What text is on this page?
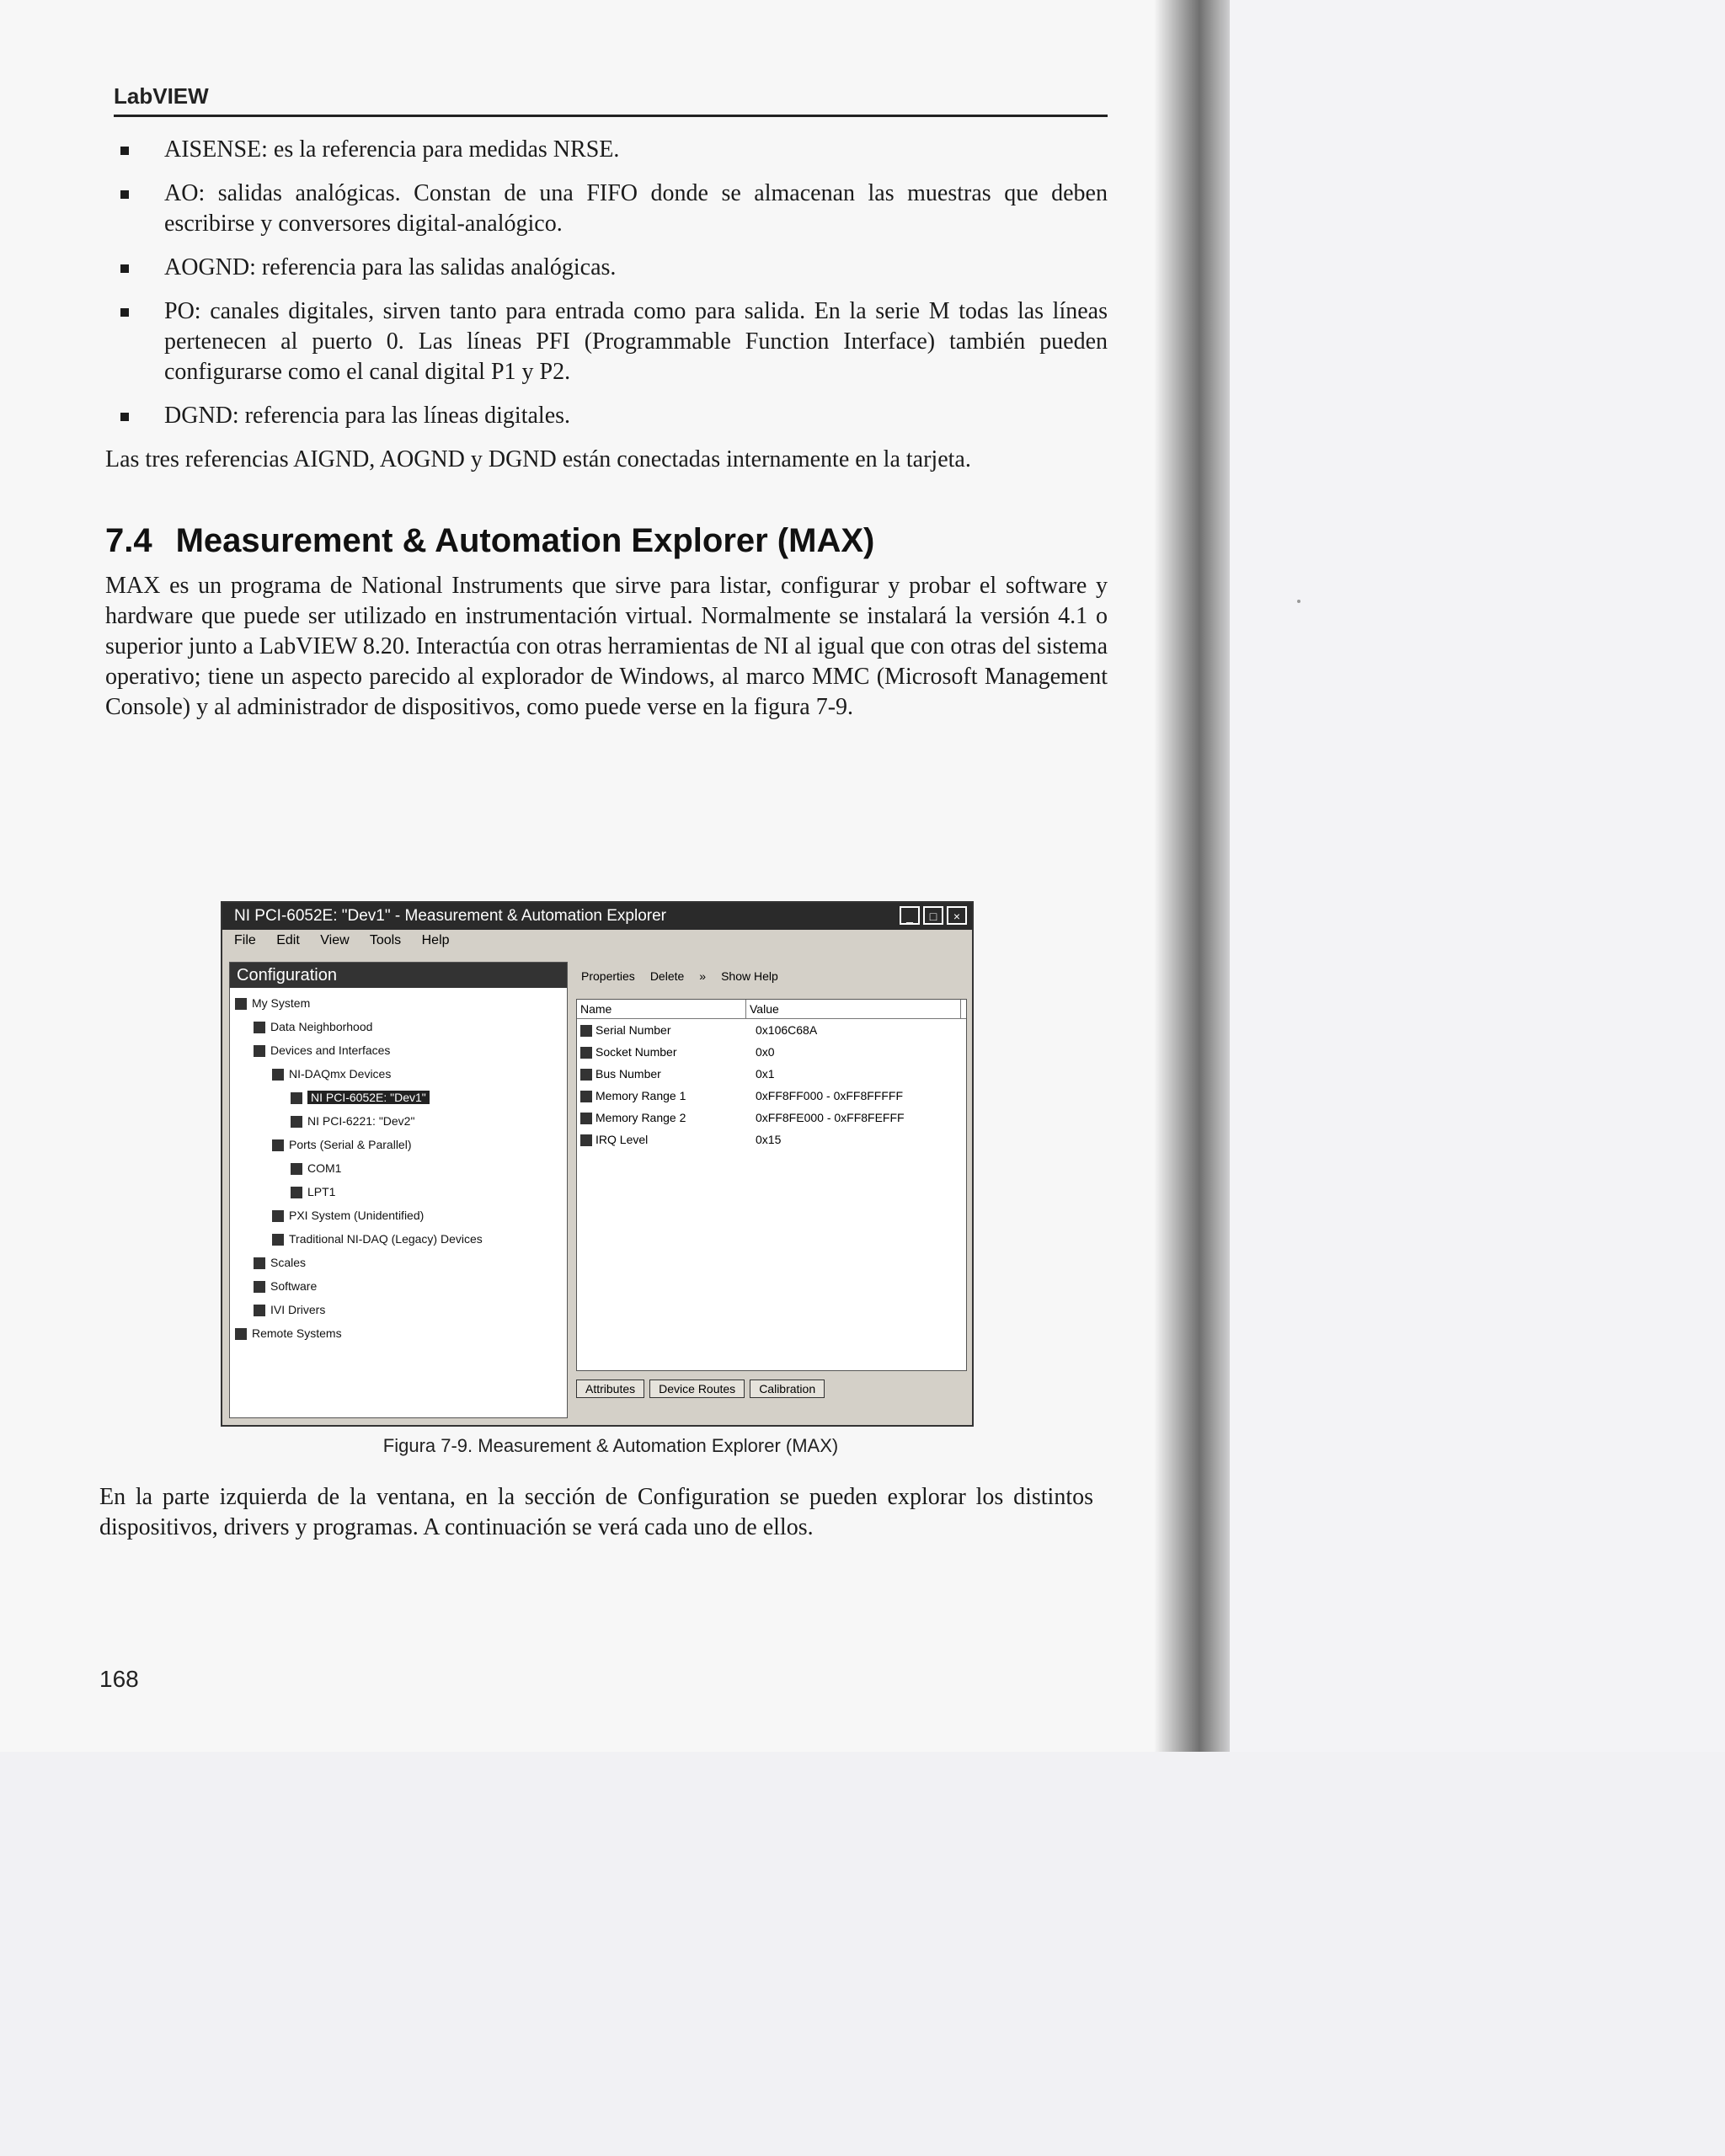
LabVIEW
AISENSE: es la referencia para medidas NRSE.
AO: salidas analógicas. Constan de una FIFO donde se almacenan las muestras que deben escribirse y conversores digital-analógico.
AOGND: referencia para las salidas analógicas.
PO: canales digitales, sirven tanto para entrada como para salida. En la serie M todas las líneas pertenecen al puerto 0. Las líneas PFI (Programmable Function Interface) también pueden configurarse como el canal digital P1 y P2.
DGND: referencia para las líneas digitales.

Las tres referencias AIGND, AOGND y DGND están conectadas internamente en la tarjeta.

7.4 Measurement & Automation Explorer (MAX)

MAX es un programa de National Instruments que sirve para listar, configurar y probar el software y hardware que puede ser utilizado en instrumentación virtual. Normalmente se instalará la versión 4.1 o superior junto a LabVIEW 8.20. Interactúa con otras herramientas de NI al igual que con otras del sistema operativo; tiene un aspecto parecido al explorador de Windows, al marco MMC (Microsoft Management Console) y al administrador de dispositivos, como puede verse en la figura 7-9.

NI PCI-6052E: "Dev1" - Measurement & Automation Explorer	_	□	×
File Edit View Tools Help
Configuration
My System
Data Neighborhood
Devices and Interfaces
NI-DAQmx Devices
NI PCI-6052E: "Dev1"
NI PCI-6221: "Dev2"
Ports (Serial & Parallel)
COM1
LPT1
PXI System (Unidentified)
Traditional NI-DAQ (Legacy) Devices
Scales
Software
IVI Drivers
Remote Systems
Properties Delete » Show Help
Name	Value
Serial Number	0x106C68A
Socket Number	0x0
Bus Number	0x1
Memory Range 1	0xFF8FF000 - 0xFF8FFFFF
Memory Range 2	0xFF8FE000 - 0xFF8FEFFF
IRQ Level	0x15
Attributes	Device Routes	Calibration
Figura 7-9. Measurement & Automation Explorer (MAX)
En la parte izquierda de la ventana, en la sección de Configuration se pueden explorar los distintos dispositivos, drivers y programas. A continuación se verá cada uno de ellos.
168
